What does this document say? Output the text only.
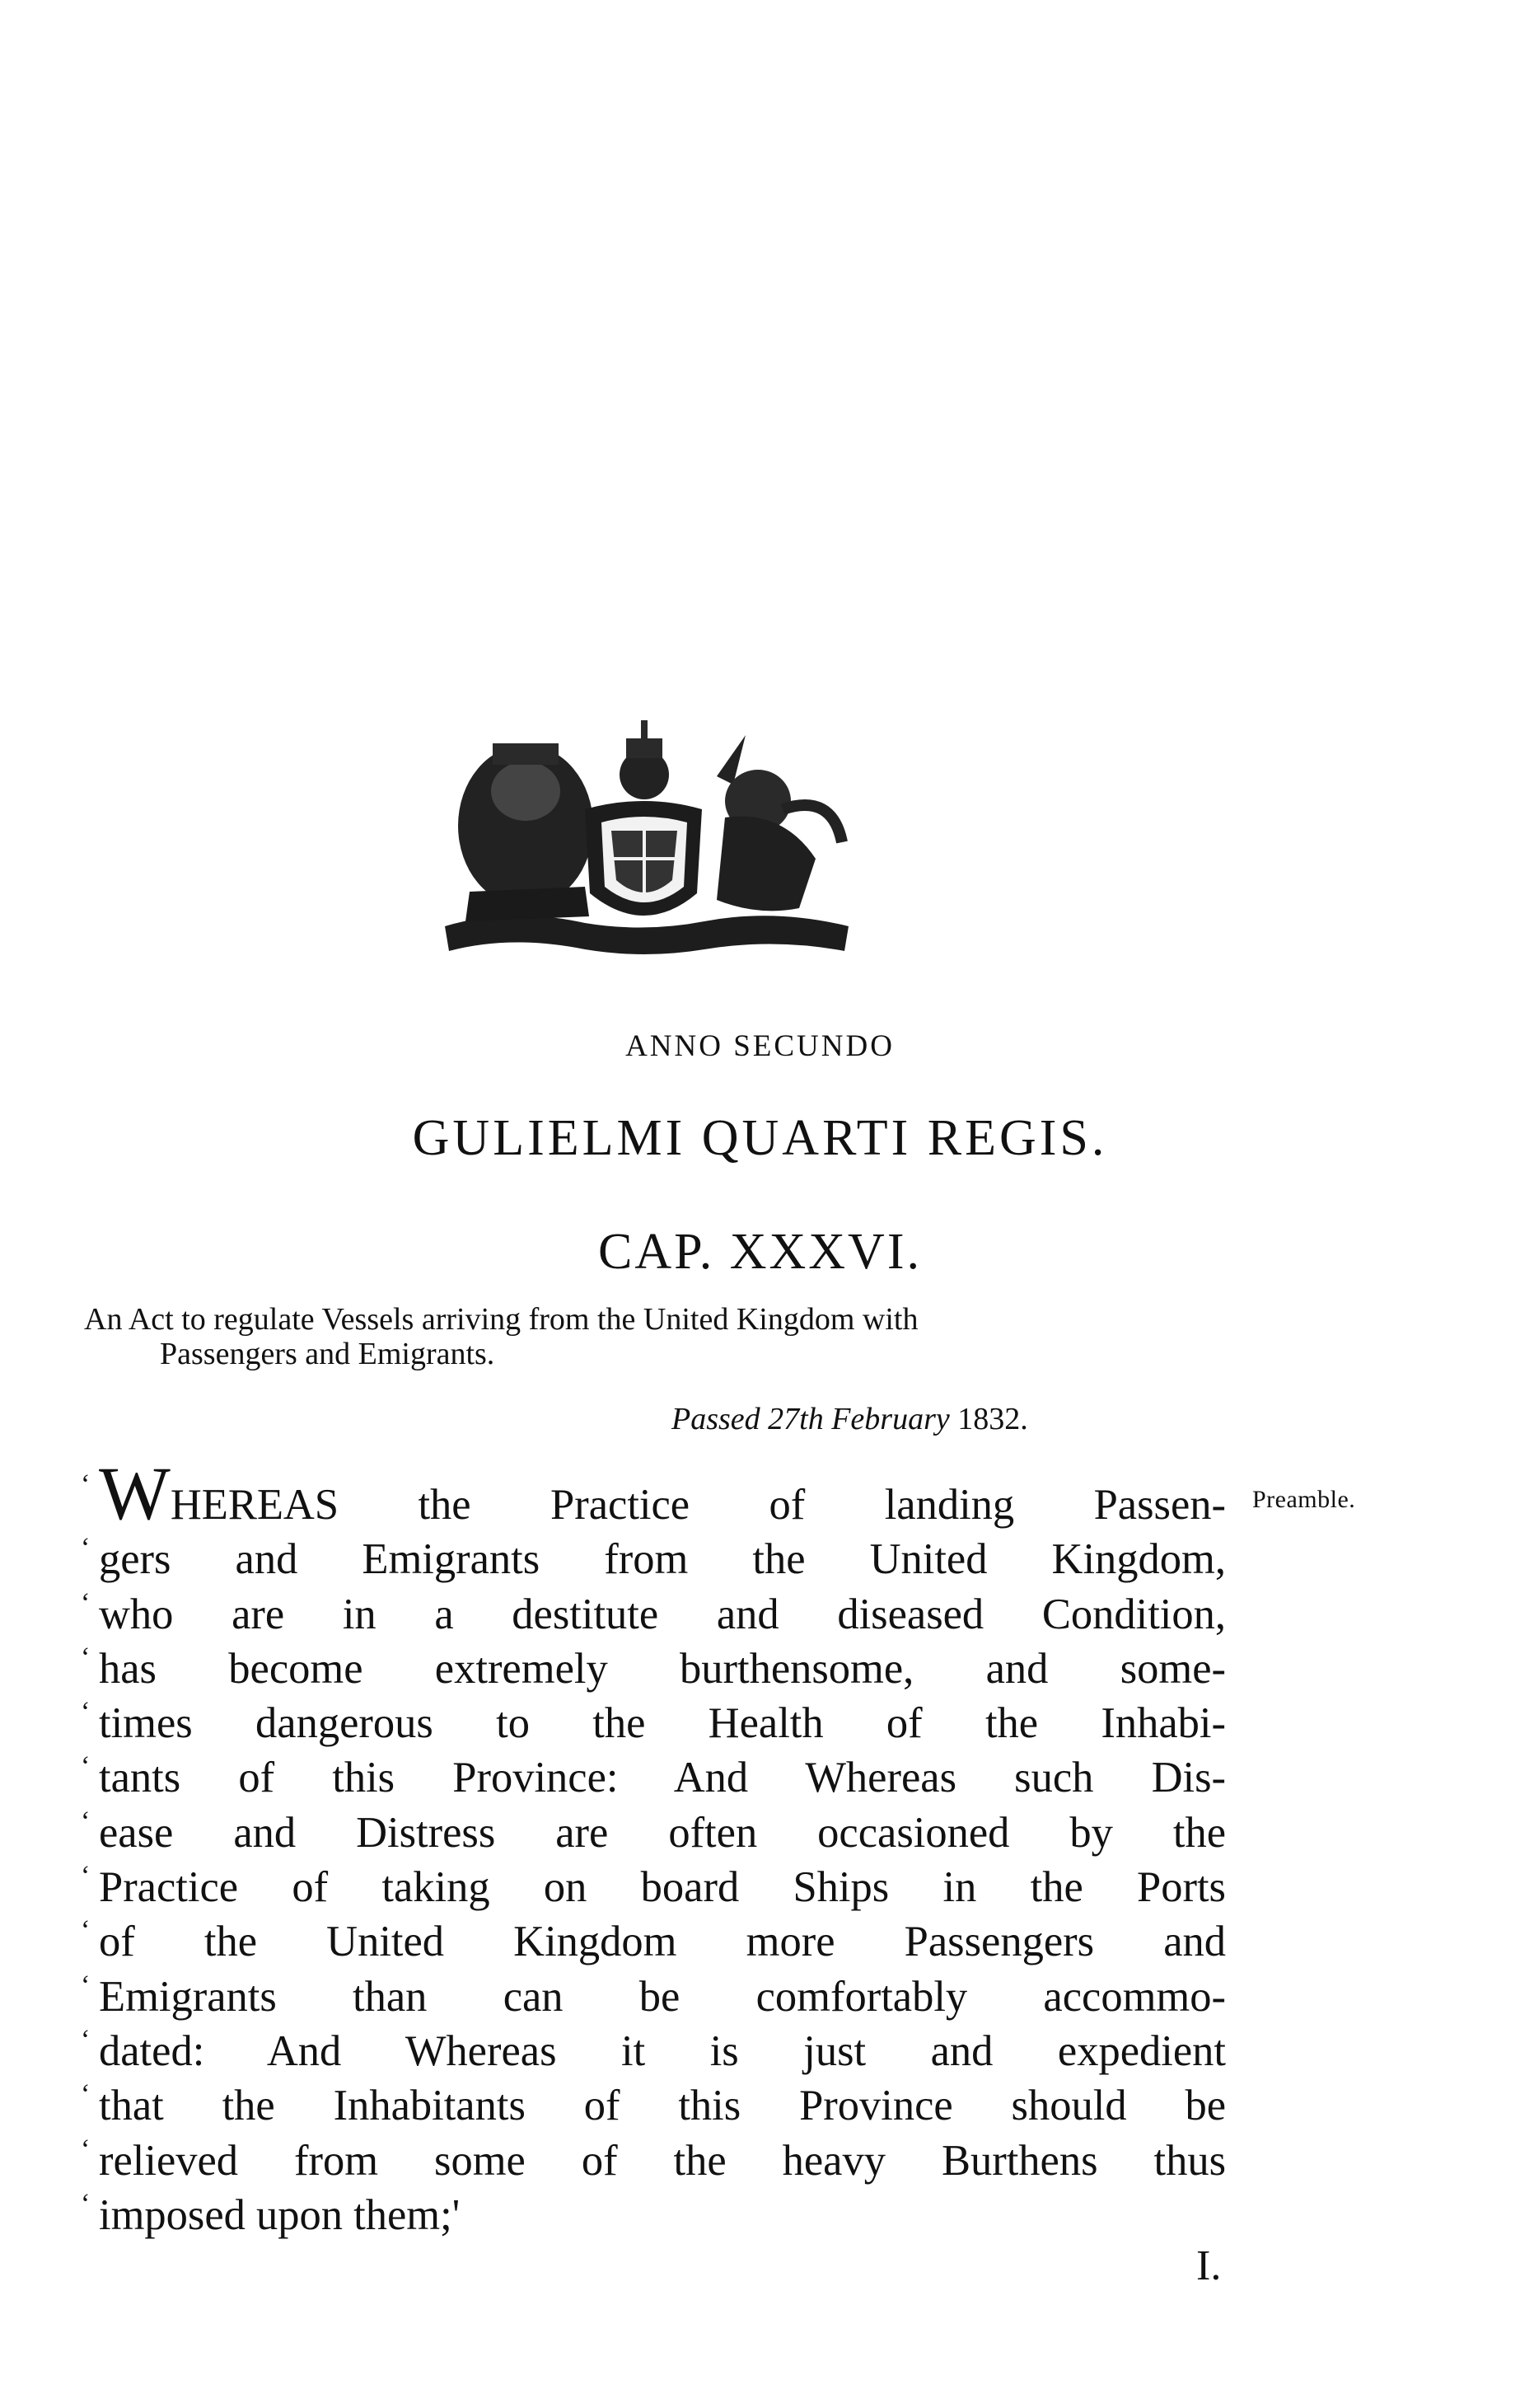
ANNO SECUNDO
GULIELMI QUARTI REGIS.
CAP. XXXVI.

An Act to regulate Vessels arriving from the United Kingdom with
Passengers and Emigrants.

Passed 27th February 1832.
Preamble.
‘ WHEREAS the Practice of landing Passen-
‘ gers and Emigrants from the United Kingdom,
‘ who are in a destitute and diseased Condition,
‘ has become extremely burthensome, and some-
‘ times dangerous to the Health of the Inhabi-
‘ tants of this Province: And Whereas such Dis-
‘ ease and Distress are often occasioned by the
‘ Practice of taking on board Ships in the Ports
‘ of the United Kingdom more Passengers and
‘ Emigrants than can be comfortably accommo-
‘ dated: And Whereas it is just and expedient
‘ that the Inhabitants of this Province should be
‘ relieved from some of the heavy Burthens thus
‘ imposed upon them;'
I.
